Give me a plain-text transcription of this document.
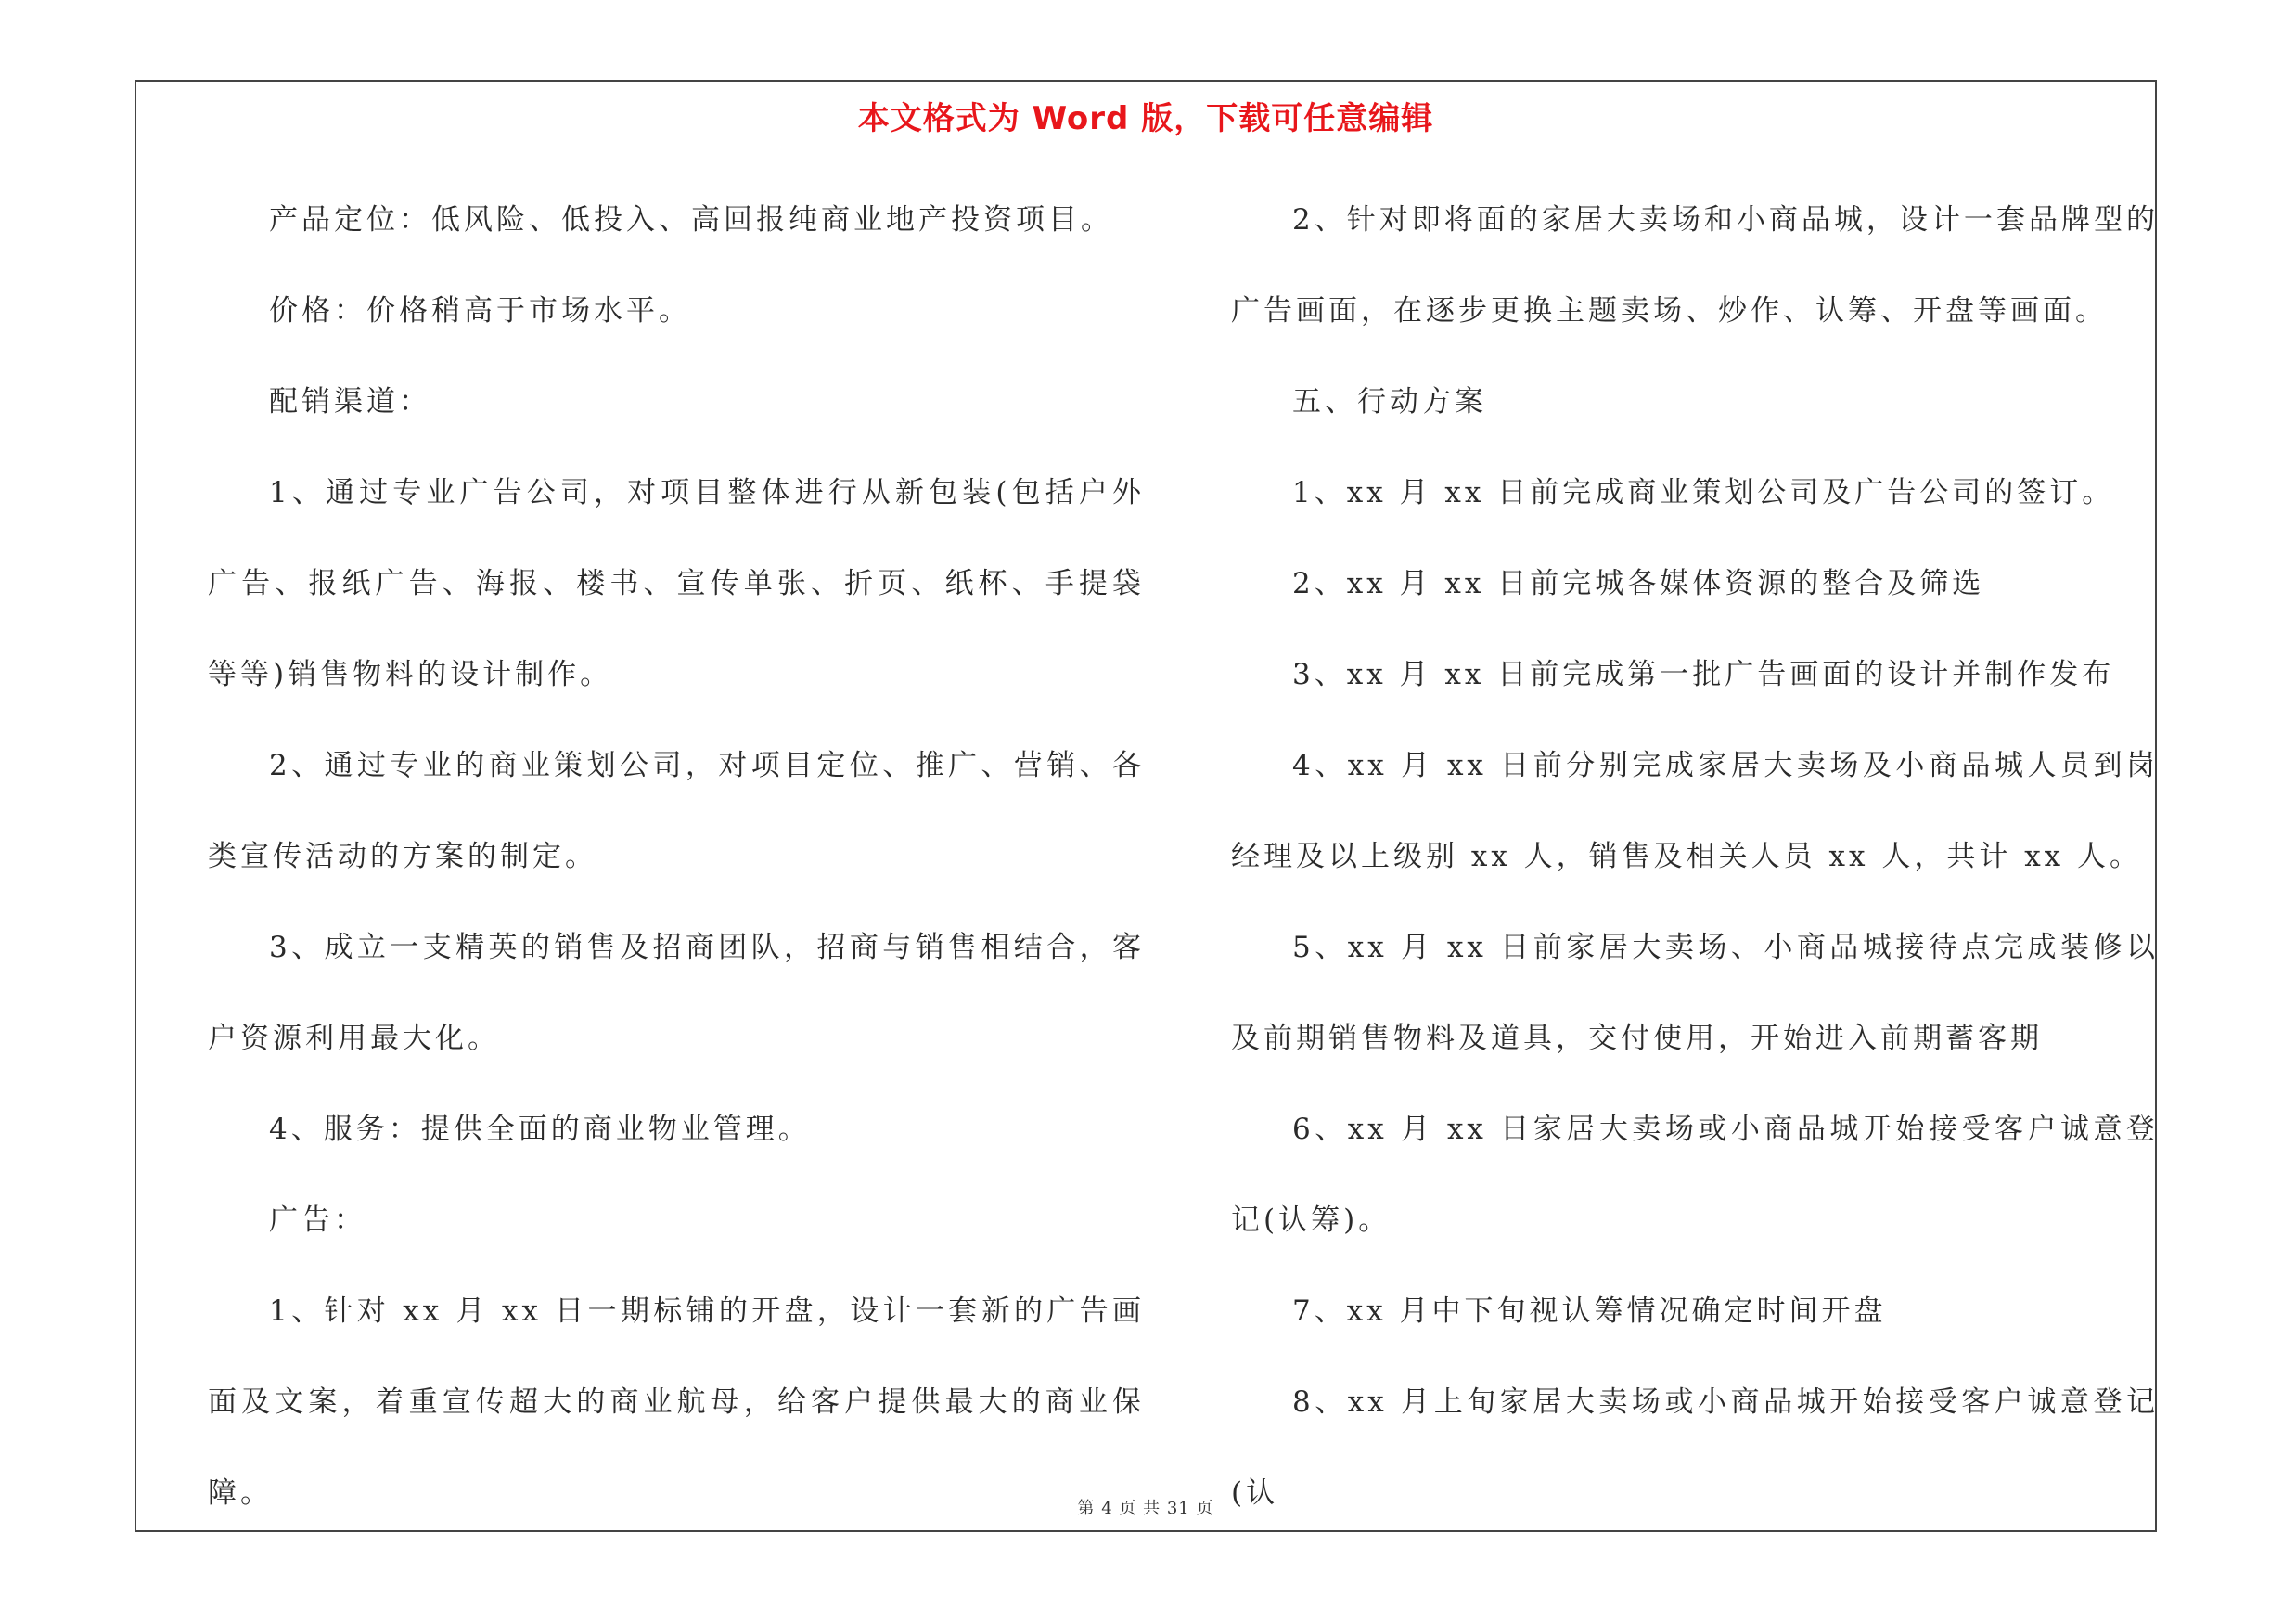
本文格式为 Word 版，下载可任意编辑

产品定位：低风险、低投入、高回报纯商业地产投资项目。

价格：价格稍高于市场水平。

配销渠道：

1、通过专业广告公司，对项目整体进行从新包装(包括户外广告、报纸广告、海报、楼书、宣传单张、折页、纸杯、手提袋等等)销售物料的设计制作。

2、通过专业的商业策划公司，对项目定位、推广、营销、各类宣传活动的方案的制定。

3、成立一支精英的销售及招商团队，招商与销售相结合，客户资源利用最大化。

4、服务：提供全面的商业物业管理。

广告：

1、针对 xx 月 xx 日一期标铺的开盘，设计一套新的广告画面及文案，着重宣传超大的商业航母，给客户提供最大的商业保障。

2、针对即将面的家居大卖场和小商品城，设计一套品牌型的广告画面，在逐步更换主题卖场、炒作、认筹、开盘等画面。

五、行动方案

1、xx 月 xx 日前完成商业策划公司及广告公司的签订。

2、xx 月 xx 日前完城各媒体资源的整合及筛选

3、xx 月 xx 日前完成第一批广告画面的设计并制作发布

4、xx 月 xx 日前分别完成家居大卖场及小商品城人员到岗经理及以上级别 xx 人，销售及相关人员 xx 人，共计 xx 人。

5、xx 月 xx 日前家居大卖场、小商品城接待点完成装修以及前期销售物料及道具，交付使用，开始进入前期蓄客期

6、xx 月 xx 日家居大卖场或小商品城开始接受客户诚意登记(认筹)。

7、xx 月中下旬视认筹情况确定时间开盘

8、xx 月上旬家居大卖场或小商品城开始接受客户诚意登记(认

第 4 页 共 31 页
